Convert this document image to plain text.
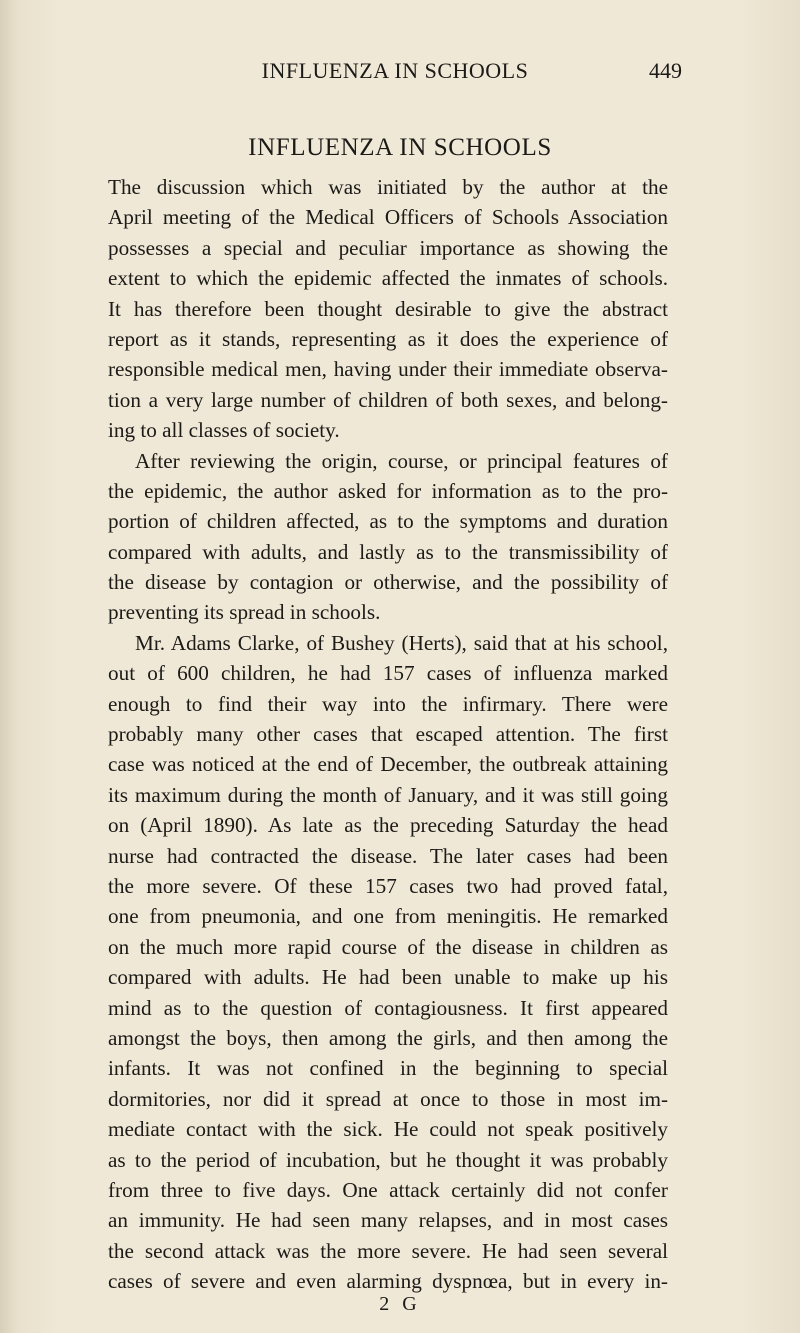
INFLUENZA IN SCHOOLS	449
INFLUENZA IN SCHOOLS
The discussion which was initiated by the author at the
April meeting of the Medical Officers of Schools Association
possesses a special and peculiar importance as showing the
extent to which the epidemic affected the inmates of schools.
It has therefore been thought desirable to give the abstract
report as it stands, representing as it does the experience of
responsible medical men, having under their immediate observa-
tion a very large number of children of both sexes, and belong-
ing to all classes of society.
After reviewing the origin, course, or principal features of
the epidemic, the author asked for information as to the pro-
portion of children affected, as to the symptoms and duration
compared with adults, and lastly as to the transmissibility of
the disease by contagion or otherwise, and the possibility of
preventing its spread in schools.
Mr. Adams Clarke, of Bushey (Herts), said that at his school,
out of 600 children, he had 157 cases of influenza marked
enough to find their way into the infirmary. There were
probably many other cases that escaped attention. The first
case was noticed at the end of December, the outbreak attaining
its maximum during the month of January, and it was still going
on (April 1890). As late as the preceding Saturday the head
nurse had contracted the disease. The later cases had been
the more severe. Of these 157 cases two had proved fatal,
one from pneumonia, and one from meningitis. He remarked
on the much more rapid course of the disease in children as
compared with adults. He had been unable to make up his
mind as to the question of contagiousness. It first appeared
amongst the boys, then among the girls, and then among the
infants. It was not confined in the beginning to special
dormitories, nor did it spread at once to those in most im-
mediate contact with the sick. He could not speak positively
as to the period of incubation, but he thought it was probably
from three to five days. One attack certainly did not confer
an immunity. He had seen many relapses, and in most cases
the second attack was the more severe. He had seen several
cases of severe and even alarming dyspnœa, but in every in-
2 G
